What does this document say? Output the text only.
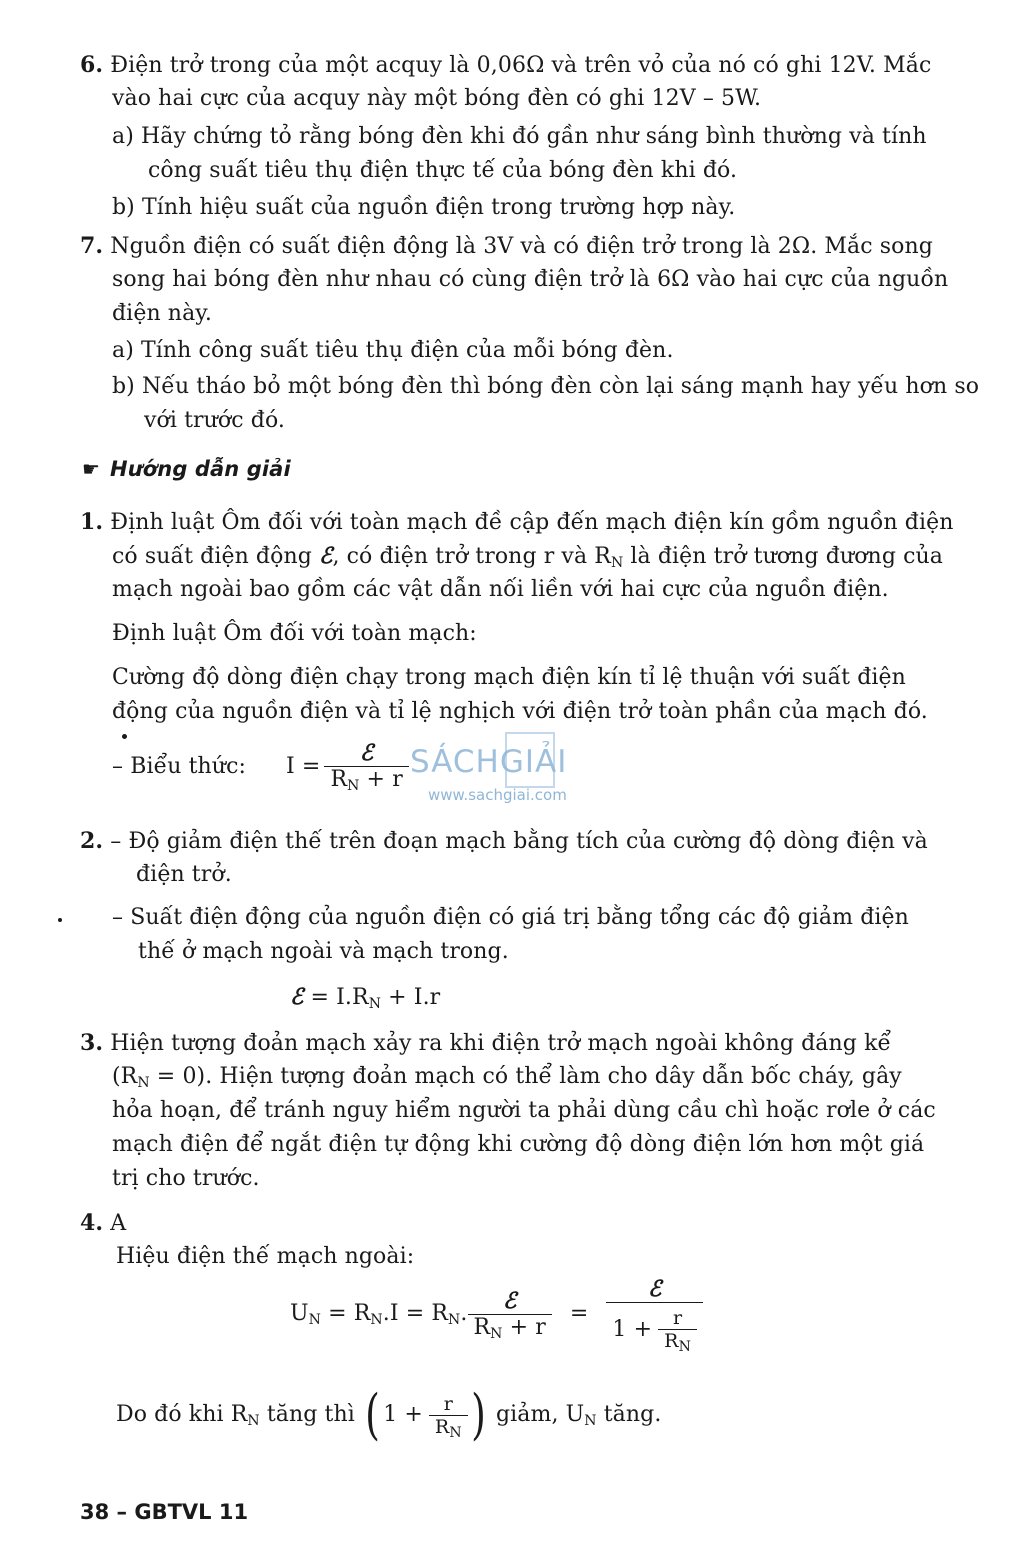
6. Điện trở trong của một acquy là 0,06Ω và trên vỏ của nó có ghi 12V. Mắc
vào hai cực của acquy này một bóng đèn có ghi 12V – 5W.
a) Hãy chứng tỏ rằng bóng đèn khi đó gần như sáng bình thường và tính
công suất tiêu thụ điện thực tế của bóng đèn khi đó.
b) Tính hiệu suất của nguồn điện trong trường hợp này.
7. Nguồn điện có suất điện động là 3V và có điện trở trong là 2Ω. Mắc song
song hai bóng đèn như nhau có cùng điện trở là 6Ω vào hai cực của nguồn
điện này.
a) Tính công suất tiêu thụ điện của mỗi bóng đèn.
b) Nếu tháo bỏ một bóng đèn thì bóng đèn còn lại sáng mạnh hay yếu hơn so
với trước đó.
☛ Hướng dẫn giải
1. Định luật Ôm đối với toàn mạch đề cập đến mạch điện kín gồm nguồn điện
có suất điện động ℰ, có điện trở trong r và $R_N$ là điện trở tương đương của
mạch ngoài bao gồm các vật dẫn nối liền với hai cực của nguồn điện.
Định luật Ôm đối với toàn mạch:
Cường độ dòng điện chạy trong mạch điện kín tỉ lệ thuận với suất điện
động của nguồn điện và tỉ lệ nghịch với điện trở toàn phần của mạch đó.
– Biểu thức: $I = \frac{\text{ℰ}}{R_N + r}$ SÁCHGIẢI
www.sachgiai.com
2. – Độ giảm điện thế trên đoạn mạch bằng tích của cường độ dòng điện và
điện trở.
– Suất điện động của nguồn điện có giá trị bằng tổng các độ giảm điện
thế ở mạch ngoài và mạch trong.
ℰ = $I.R_N + I.r$
3. Hiện tượng đoản mạch xảy ra khi điện trở mạch ngoài không đáng kể
$(R_N = 0)$. Hiện tượng đoản mạch có thể làm cho dây dẫn bốc cháy, gây
hỏa hoạn, để tránh nguy hiểm người ta phải dùng cầu chì hoặc rơle ở các
mạch điện để ngắt điện tự động khi cường độ dòng điện lớn hơn một giá
trị cho trước.
4. A
Hiệu điện thế mạch ngoài:
$U_N = R_N.I = R_N$. $\frac{\text{ℰ}}{R_N + r} = \frac{\text{ℰ}}{1 + \frac{r}{R_N}}$
Do đó khi $R_N$ tăng thì ( $1 + \frac{r}{R_N}$ ) giảm, $U_N$ tăng.
38 – GBTVL 11
